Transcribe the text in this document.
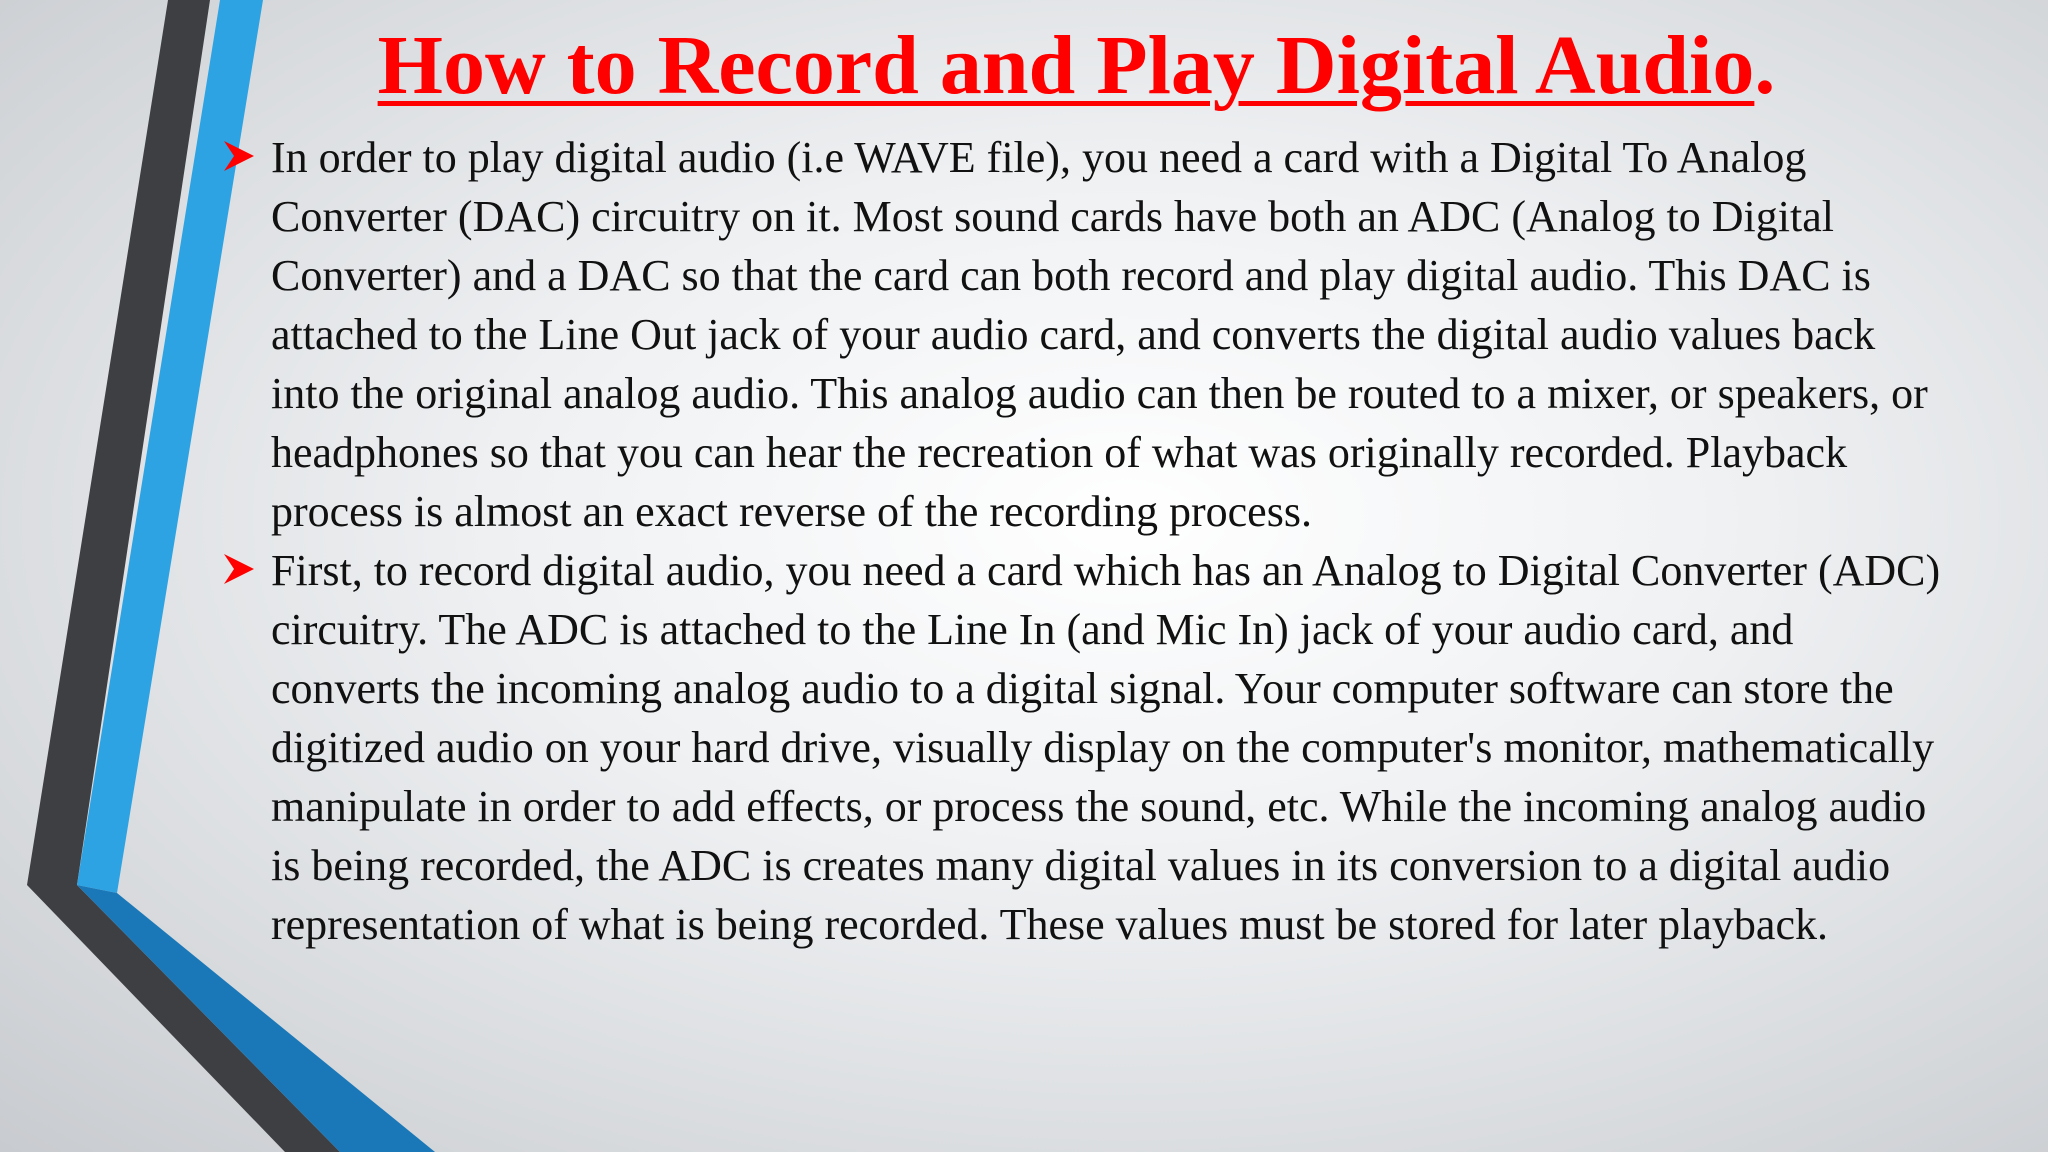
How to Record and Play Digital Audio.
In order to play digital audio (i.e WAVE file), you need a card with a Digital To Analog Converter (DAC) circuitry on it. Most sound cards have both an ADC (Analog to Digital Converter) and a DAC so that the card can both record and play digital audio. This DAC is attached to the Line Out jack of your audio card, and converts the digital audio values back into the original analog audio. This analog audio can then be routed to a mixer, or speakers, or headphones so that you can hear the recreation of what was originally recorded. Playback process is almost an exact reverse of the recording process.
First, to record digital audio, you need a card which has an Analog to Digital Converter (ADC) circuitry. The ADC is attached to the Line In (and Mic In) jack of your audio card, and converts the incoming analog audio to a digital signal. Your computer software can store the digitized audio on your hard drive, visually display on the computer's monitor, mathematically manipulate in order to add effects, or process the sound, etc. While the incoming analog audio is being recorded, the ADC is creates many digital values in its conversion to a digital audio representation of what is being recorded. These values must be stored for later playback.
